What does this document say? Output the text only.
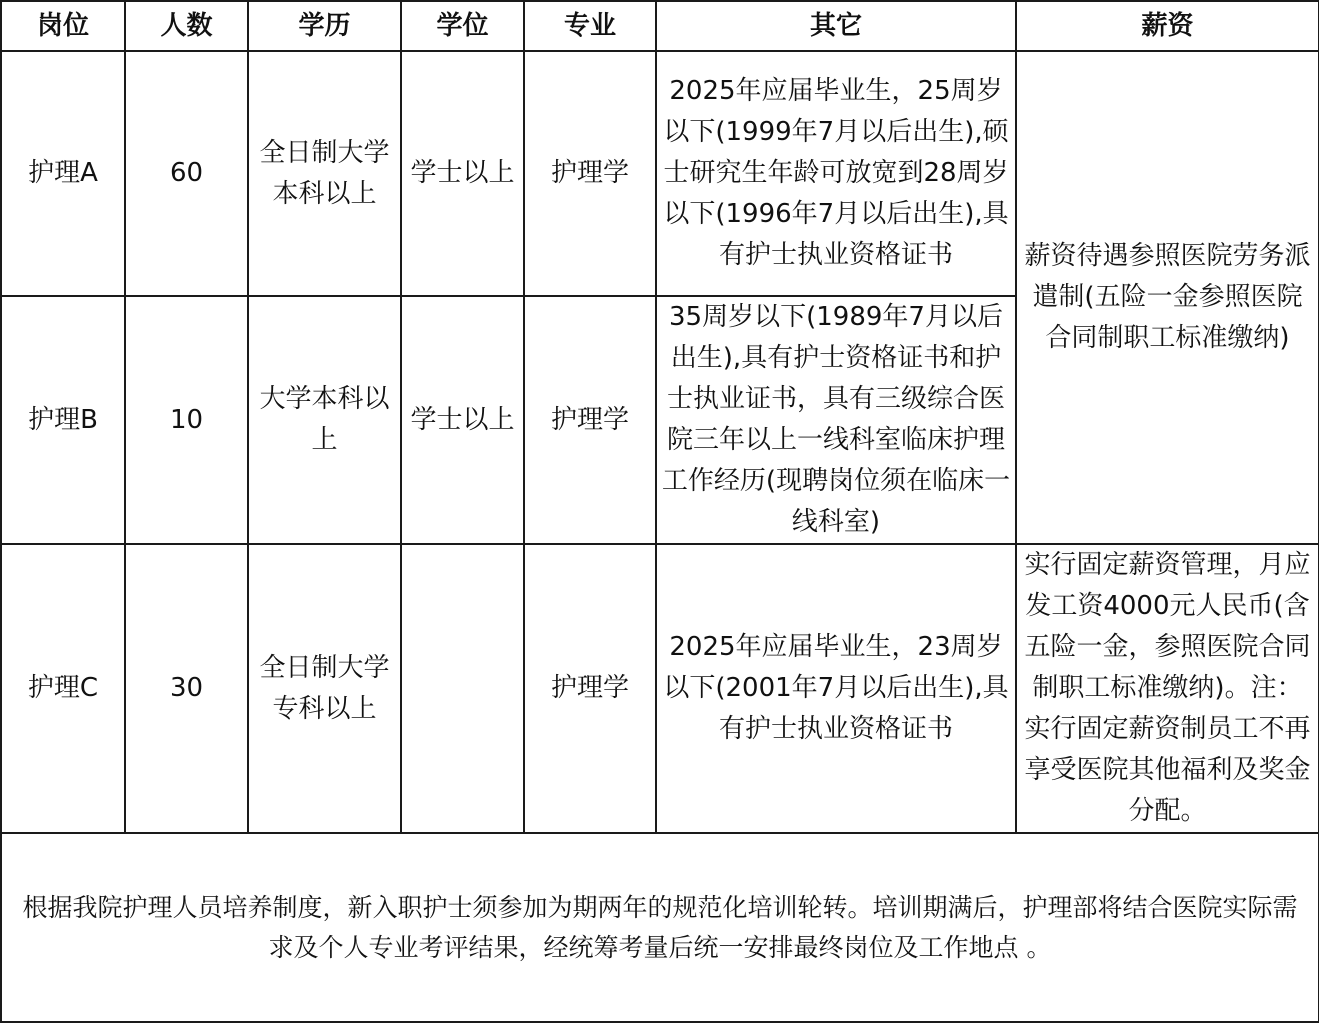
岗位	人数	学历	学位	专业	其它	薪资
护理A	60	全日制大学本科以上	学士以上	护理学	2025年应届毕业生，25周岁以下(1999年7月以后出生),硕士研究生年龄可放宽到28周岁以下(1996年7月以后出生),具有护士执业资格证书	薪资待遇参照医院劳务派遣制(五险一金参照医院合同制职工标准缴纳)
护理B	10	大学本科以上	学士以上	护理学	35周岁以下(1989年7月以后出生),具有护士资格证书和护士执业证书，具有三级综合医院三年以上一线科室临床护理工作经历(现聘岗位须在临床一线科室)	
护理C	30	全日制大学专科以上		护理学	2025年应届毕业生，23周岁以下(2001年7月以后出生),具有护士执业资格证书	实行固定薪资管理，月应发工资4000元人民币(含五险一金，参照医院合同制职工标准缴纳)。注：实行固定薪资制员工不再享受医院其他福利及奖金分配。
根据我院护理人员培养制度，新入职护士须参加为期两年的规范化培训轮转。培训期满后，护理部将结合医院实际需求及个人专业考评结果，经统筹考量后统一安排最终岗位及工作地点 。						
